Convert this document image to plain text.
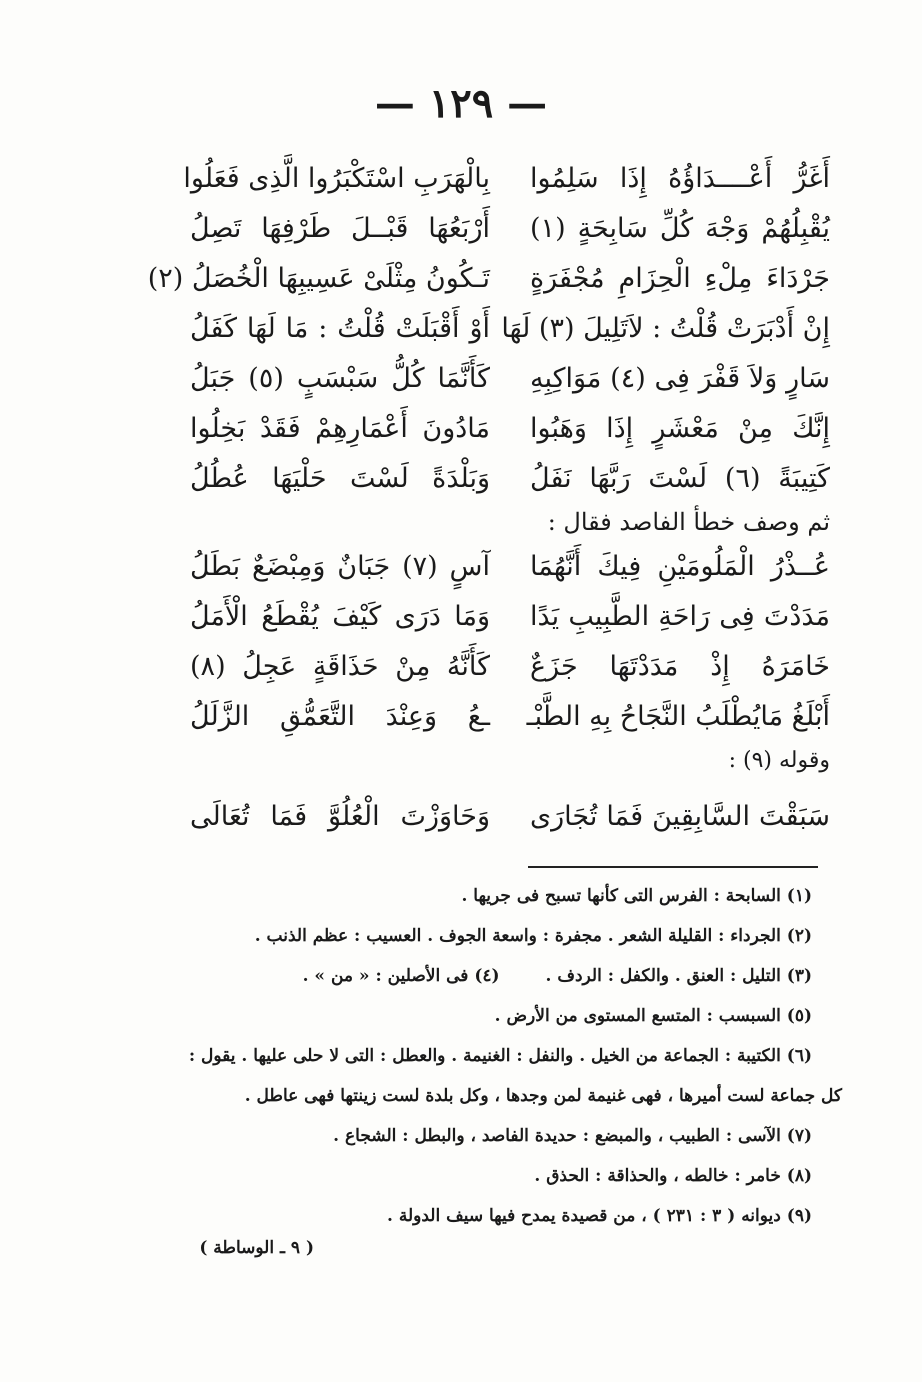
— ١٢٩ —
أَغَرُّ أَعْــــدَاؤُهُ إِذَا سَلِمُوا
بِالْهَرَبِ اسْتَكْبَرُوا الَّذِى فَعَلُوا
يُقْبِلُهُمْ وَجْهَ كُلِّ سَابِحَةٍ (١)
أَرْبَعُهَا قَبْــلَ طَرْفِهَا تَصِلُ
جَرْدَاءَ مِلْءِ الْحِزَامِ مُجْفَرَةٍ
تَـكُونُ مِثْلَىْ عَسِيبِهَا الْخُصَلُ (٢)
إِنْ أَدْبَرَتْ قُلْتُ : لاَتَلِيلَ (٣) لَهَا
أَوْ أَقْبَلَتْ قُلْتُ : مَا لَهَا كَفَلُ
سَارٍ وَلاَ قَفْرَ فِى (٤) مَوَاكِبِهِ
كَأَنَّمَا كُلُّ سَبْسَبٍ (٥) جَبَلُ
إِنَّكَ مِنْ مَعْشَرٍ إِذَا وَهَبُوا
مَادُونَ أَعْمَارِهِمْ فَقَدْ بَخِلُوا
كَتِيبَةً (٦) لَسْتَ رَبَّهَا نَفَلُ
وَبَلْدَةً لَسْتَ حَلْيَهَا عُطُلُ
ثم وصف خطأ الفاصد فقال :
عُــذْرُ الْمَلُومَيْنِ فِيكَ أَنَّهُمَا
آسٍ (٧) جَبَانٌ وَمِبْضَعٌ بَطَلُ
مَدَدْتَ فِى رَاحَةِ الطَّبِيبِ يَدًا
وَمَا دَرَى كَيْفَ يُقْطَعُ الْأَمَلُ
خَامَرَهُ إِذْ مَدَدْتَهَا جَزَعٌ
كَأَنَّهُ مِنْ حَذَاقَةٍ عَجِلُ (٨)
أَبْلَغُ مَايُطْلَبُ النَّجَاحُ بِهِ الطَّبْـ
ـعُ وَعِنْدَ التَّعَمُّقِ الزَّلَلُ
وقوله (٩) :
سَبَقْتَ السَّابِقِينَ فَمَا تُجَارَى
وَحَاوَزْتَ الْعُلُوَّ فَمَا تُعَالَى
(١) السابحة : الفرس التى كأنها تسبح فى جريها .
(٢) الجرداء : القليلة الشعر . مجفرة : واسعة الجوف . العسيب : عظم الذنب .
(٣) التليل : العنق . والكفل : الردف . (٤) فى الأصلين : « من » .
(٥) السبسب : المتسع المستوى من الأرض .
(٦) الكتيبة : الجماعة من الخيل . والنفل : الغنيمة . والعطل : التى لا حلى عليها . يقول :
كل جماعة لست أميرها ، فهى غنيمة لمن وجدها ، وكل بلدة لست زينتها فهى عاطل .
(٧) الآسى : الطبيب ، والمبضع : حديدة الفاصد ، والبطل : الشجاع .
(٨) خامر : خالطه ، والحذاقة : الحذق .
(٩) ديوانه ( ٣ : ٢٣١ ) ، من قصيدة يمدح فيها سيف الدولة .
( ٩ ـ الوساطة )
